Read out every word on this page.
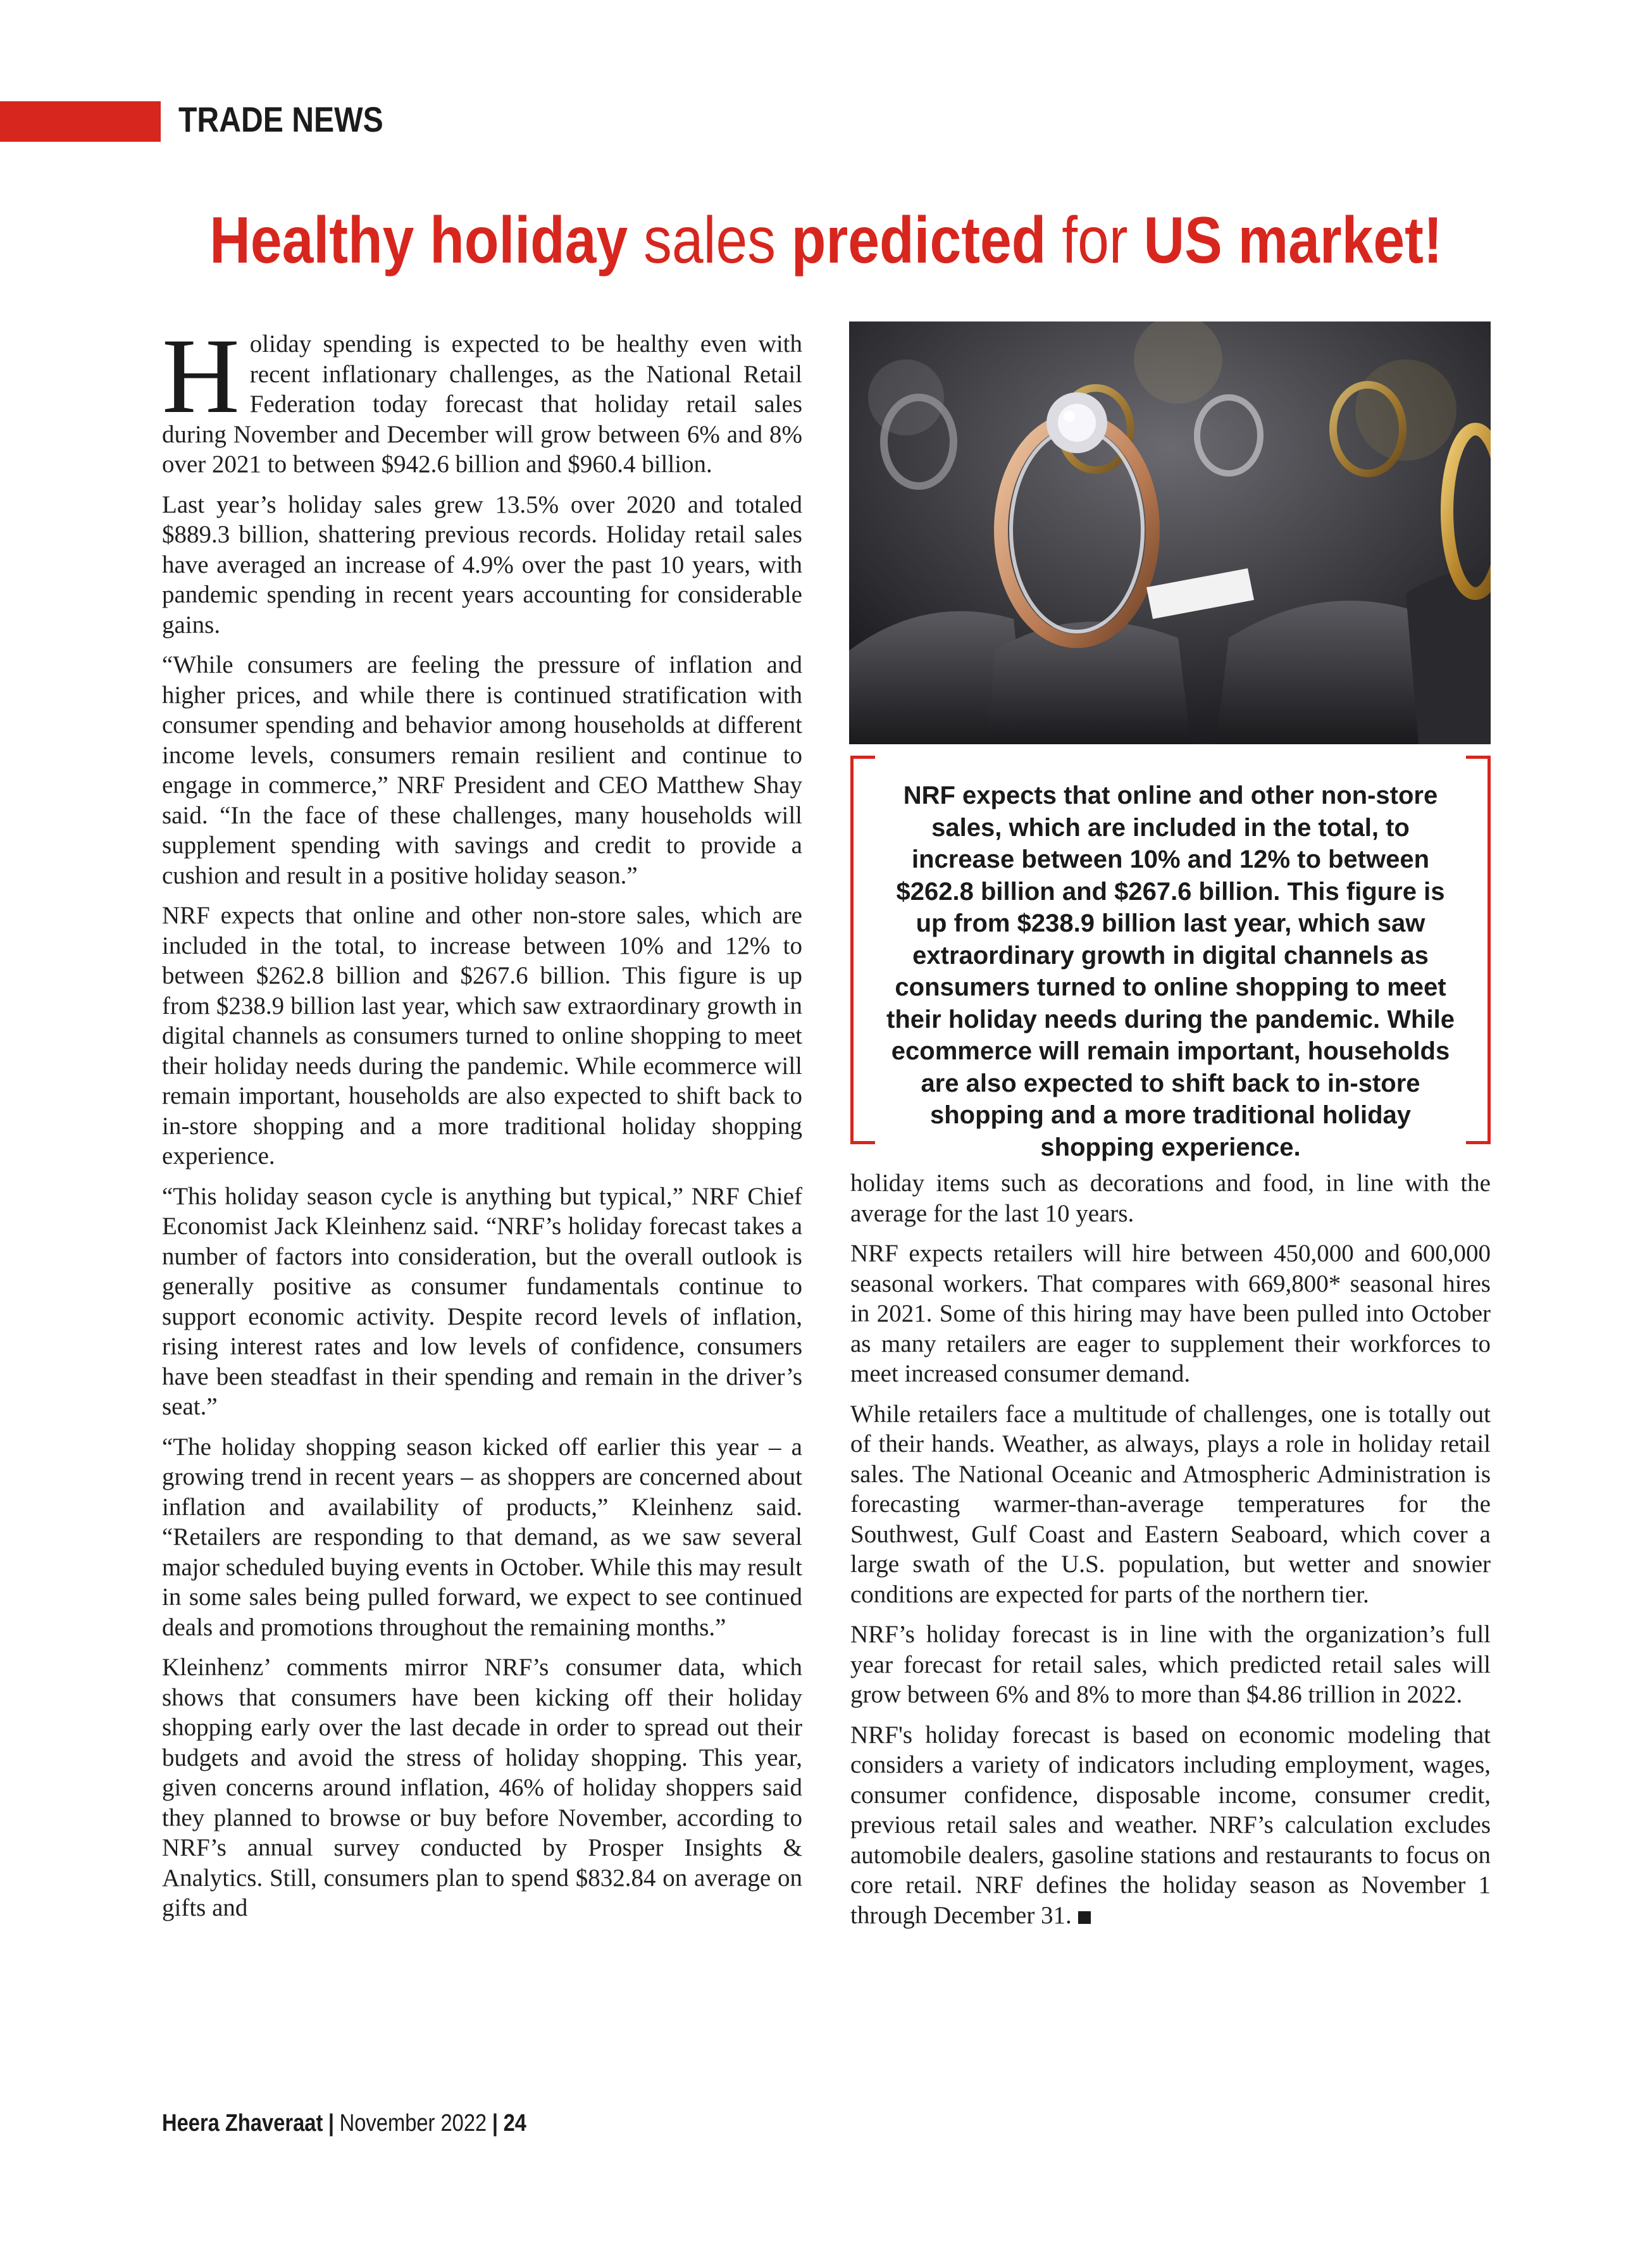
TRADE NEWS
Healthy holiday sales predicted for US market!

Holiday spending is expected to be healthy even with recent inflationary challenges, as the National Retail Federation today forecast that holiday retail sales during November and December will grow between 6% and 8% over 2021 to between $942.6 billion and $960.4 billion.

Last year’s holiday sales grew 13.5% over 2020 and totaled $889.3 billion, shattering previous records. Holiday retail sales have averaged an increase of 4.9% over the past 10 years, with pandemic spending in recent years accounting for considerable gains.

“While consumers are feeling the pressure of inflation and higher prices, and while there is continued stratification with consumer spending and behavior among households at different income levels, consumers remain resilient and continue to engage in commerce,” NRF President and CEO Matthew Shay said. “In the face of these challenges, many households will supplement spending with savings and credit to provide a cushion and result in a positive holiday season.”

NRF expects that online and other non-store sales, which are included in the total, to increase between 10% and 12% to between $262.8 billion and $267.6 billion. This figure is up from $238.9 billion last year, which saw extraordinary growth in digital channels as consumers turned to online shopping to meet their holiday needs during the pandemic. While ecommerce will remain important, households are also expected to shift back to in-store shopping and a more traditional holiday shopping experience.

“This holiday season cycle is anything but typical,” NRF Chief Economist Jack Kleinhenz said. “NRF’s holiday forecast takes a number of factors into consideration, but the overall outlook is generally positive as consumer fundamentals continue to support economic activity. Despite record levels of inflation, rising interest rates and low levels of confidence, consumers have been steadfast in their spending and remain in the driver’s seat.”

“The holiday shopping season kicked off earlier this year – a growing trend in recent years – as shoppers are concerned about inflation and availability of products,” Kleinhenz said. “Retailers are responding to that demand, as we saw several major scheduled buying events in October. While this may result in some sales being pulled forward, we expect to see continued deals and promotions throughout the remaining months.”

Kleinhenz’ comments mirror NRF’s consumer data, which shows that consumers have been kicking off their holiday shopping early over the last decade in order to spread out their budgets and avoid the stress of holiday shopping. This year, given concerns around inflation, 46% of holiday shoppers said they planned to browse or buy before November, according to NRF’s annual survey conducted by Prosper Insights & Analytics. Still, consumers plan to spend $832.84 on average on gifts and

NRF expects that online and other non-store sales, which are included in the total, to increase between 10% and 12% to between $262.8 billion and $267.6 billion. This figure is up from $238.9 billion last year, which saw extraordinary growth in digital channels as consumers turned to online shopping to meet their holiday needs during the pandemic. While ecommerce will remain important, households are also expected to shift back to in-store shopping and a more traditional holiday shopping experience.

holiday items such as decorations and food, in line with the average for the last 10 years.

NRF expects retailers will hire between 450,000 and 600,000 seasonal workers. That compares with 669,800* seasonal hires in 2021. Some of this hiring may have been pulled into October as many retailers are eager to supplement their workforces to meet increased consumer demand.

While retailers face a multitude of challenges, one is totally out of their hands. Weather, as always, plays a role in holiday retail sales. The National Oceanic and Atmospheric Administration is forecasting warmer-than-average temperatures for the Southwest, Gulf Coast and Eastern Seaboard, which cover a large swath of the U.S. population, but wetter and snowier conditions are expected for parts of the northern tier.

NRF’s holiday forecast is in line with the organization’s full year forecast for retail sales, which predicted retail sales will grow between 6% and 8% to more than $4.86 trillion in 2022.

NRF's holiday forecast is based on economic modeling that considers a variety of indicators including employment, wages, consumer confidence, disposable income, consumer credit, previous retail sales and weather. NRF’s calculation excludes automobile dealers, gasoline stations and restaurants to focus on core retail. NRF defines the holiday season as November 1 through December 31.

Heera Zhaveraat | November 2022 | 24
